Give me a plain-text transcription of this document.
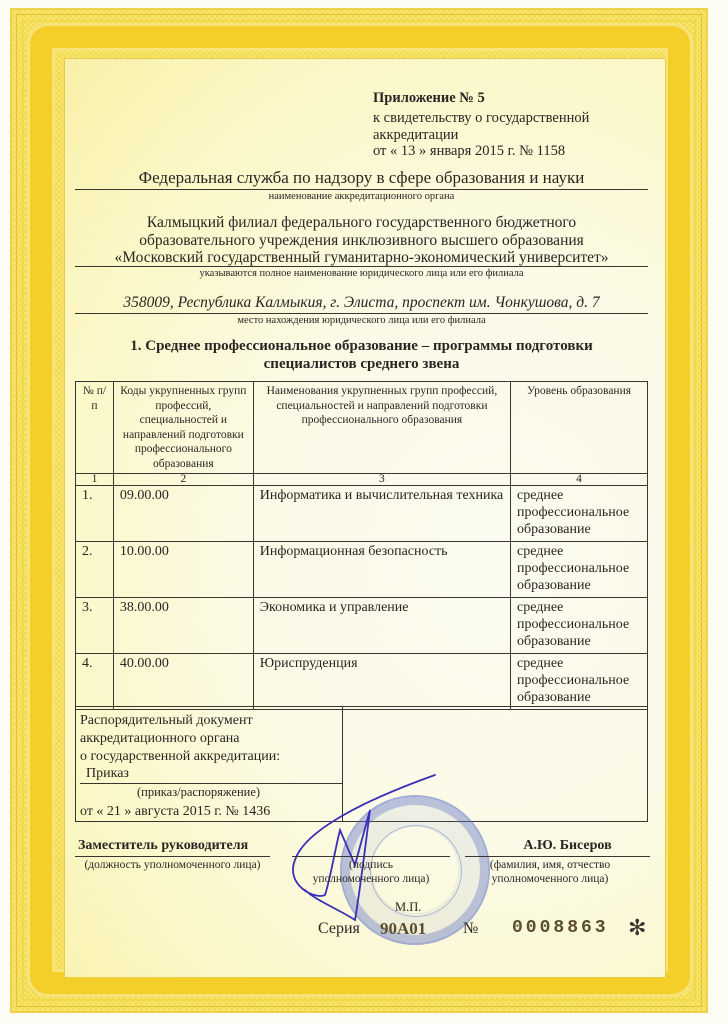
Приложение № 5
к свидетельству о государственной
аккредитации
от « 13 » января 2015 г. № 1158
Федеральная служба по надзору в сфере образования и науки
наименование аккредитационного органа
Калмыцкий филиал федерального государственного бюджетного
образовательного учреждения инклюзивного высшего образования
«Московский государственный гуманитарно-экономический университет»
указываются полное наименование юридического лица или его филиала
358009, Республика Калмыкия, г. Элиста, проспект им. Чонкушова, д. 7
место нахождения юридического лица или его филиала
1. Среднее профессиональное образование – программы подготовки
специалистов среднего звена
№ п/п	Коды укрупненных групп профессий, специальностей и направлений подготовки профессионального образования	Наименования укрупненных групп профессий, специальностей и направлений подготовки профессионального образования	Уровень образования
1	2	3	4
1.	09.00.00	Информатика и вычислительная техника	среднее профессиональное образование
2.	10.00.00	Информационная безопасность	среднее профессиональное образование
3.	38.00.00	Экономика и управление	среднее профессиональное образование
4.	40.00.00	Юриспруденция	среднее профессиональное образование
Распорядительный документ
аккредитационного органа
о государственной аккредитации:
Приказ
(приказ/распоряжение)
от « 21 » августа 2015 г. № 1436
Заместитель руководителя
(должность уполномоченного лица)	(подпись
уполномоченного лица)
А.Ю. Бисеров
(фамилия, имя, отчество
уполномоченного лица)
М.П.
Серия 90А01 № 0008863 ✻
